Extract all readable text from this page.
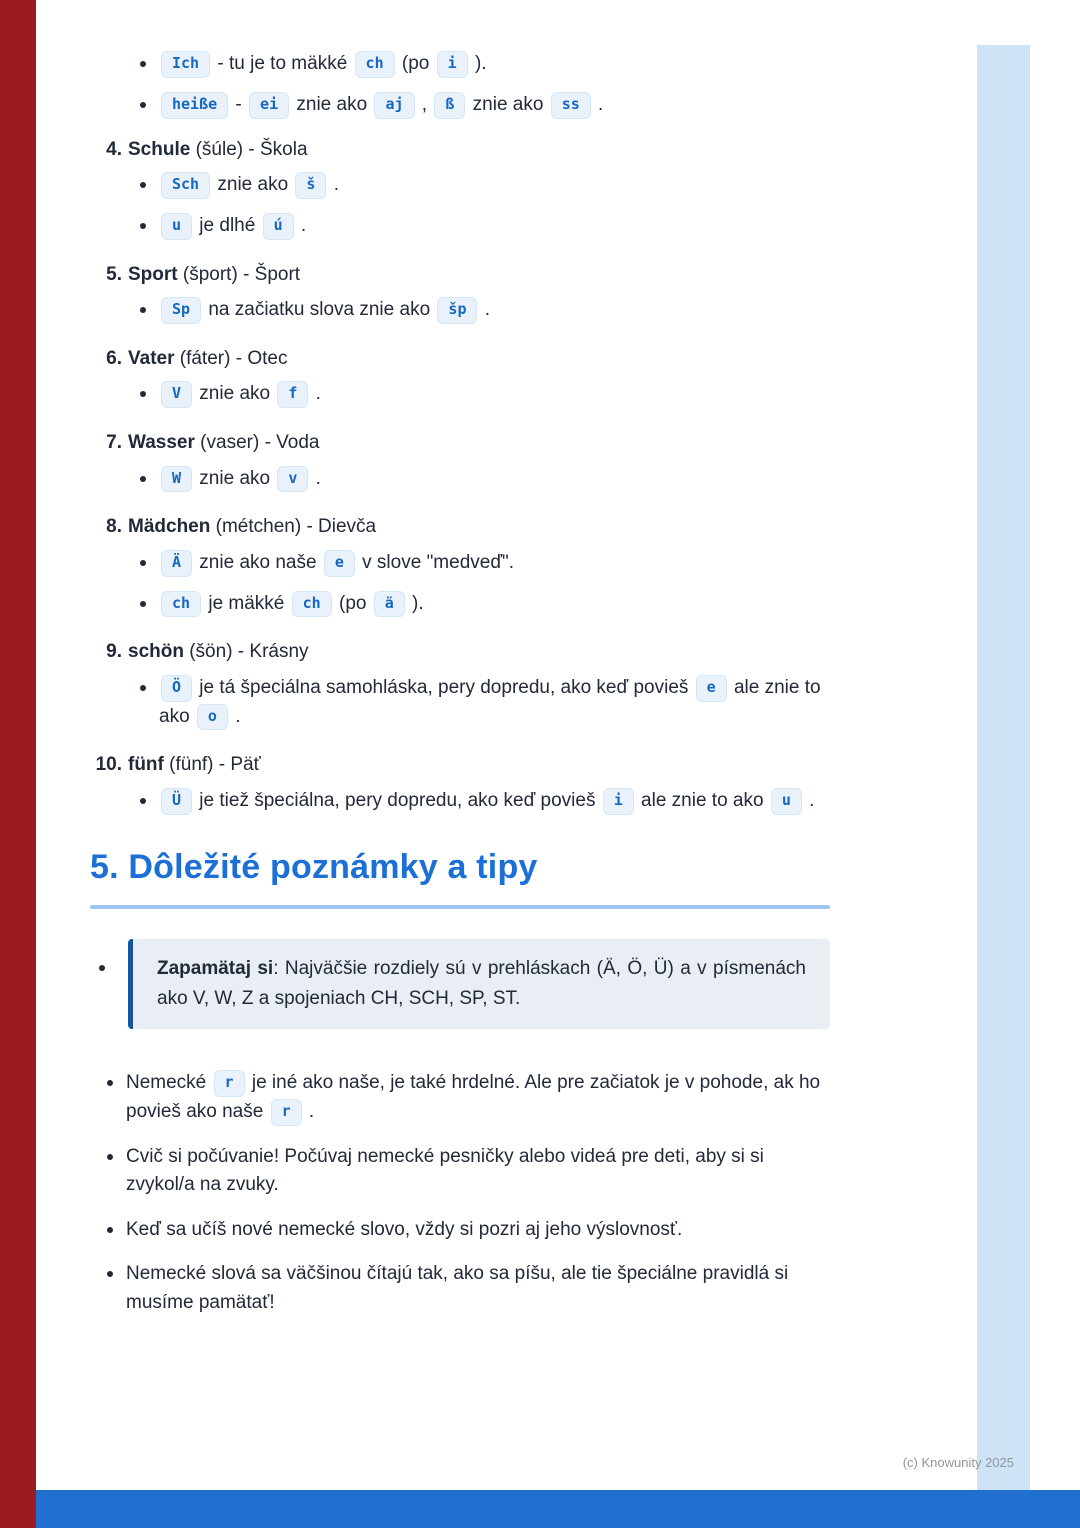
Ich - tu je to mäkké ch (po i ).
heiße - ei znie ako aj , ß znie ako ss .
4. Schule (šúle) - Škola
Sch znie ako š .
u je dlhé ú .
5. Sport (šport) - Šport
Sp na začiatku slova znie ako šp .
6. Vater (fáter) - Otec
V znie ako f .
7. Wasser (vaser) - Voda
W znie ako v .
8. Mädchen (métchen) - Dievča
Ä znie ako naše e v slove "medveď".
ch je mäkké ch (po ä ).
9. schön (šön) - Krásny
Ö je tá špeciálna samohláska, pery dopredu, ako keď povieš e ale znie to ako o .
10. fünf (fünf) - Päť
Ü je tiež špeciálna, pery dopredu, ako keď povieš i ale znie to ako u .
5. Dôležité poznámky a tipy
Zapamätaj si: Najväčšie rozdiely sú v prehláskach (Ä, Ö, Ü) a v písmenách ako V, W, Z a spojeniach CH, SCH, SP, ST.
Nemecké r je iné ako naše, je také hrdelné. Ale pre začiatok je v pohode, ak ho povieš ako naše r .
Cvič si počúvanie! Počúvaj nemecké pesničky alebo videá pre deti, aby si si zvykol/a na zvuky.
Keď sa učíš nové nemecké slovo, vždy si pozri aj jeho výslovnosť.
Nemecké slová sa väčšinou čítajú tak, ako sa píšu, ale tie špeciálne pravidlá si musíme pamätať!
(c) Knowunity 2025
